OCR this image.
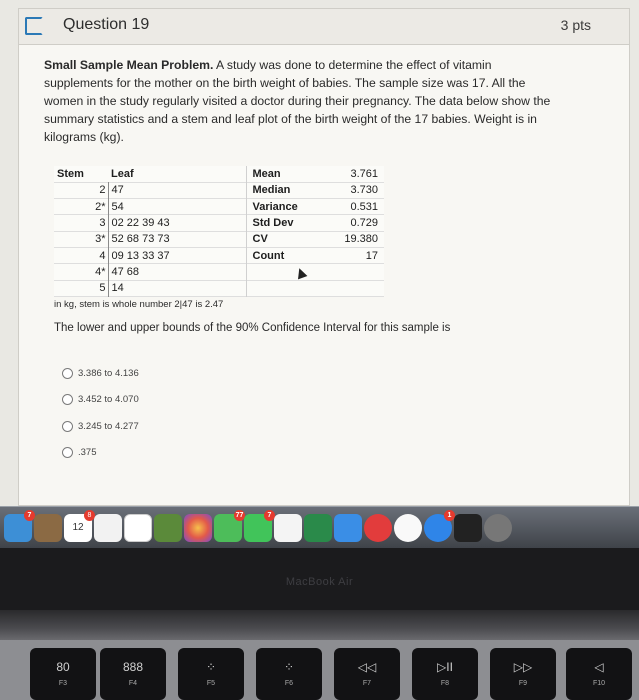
Question 19	3 pts
Small Sample Mean Problem. A study was done to determine the effect of vitamin supplements for the mother on the birth weight of babies. The sample size was 17. All the women in the study regularly visited a doctor during their pregnancy. The data below show the summary statistics and a stem and leaf plot of the birth weight of the 17 babies. Weight is in kilograms (kg).
Stem	Leaf	Mean	3.761
2	47	Median	3.730
2*	54	Variance	0.531
3	02 22 39 43	Std Dev	0.729
3*	52 68 73 73	CV	19.380
4	09 13 33 37	Count	17
4*	47 68		
5	14		
in kg, stem is whole number 2|47 is 2.47
The lower and upper bounds of the 90% Confidence Interval for this sample is
3.386 to 4.136
3.452 to 4.070
3.245 to 4.277
.375
7
12
8	77	7	1
MacBook Air
80
F3
888
F4
⁘
F5
⁘
F6
◁◁
F7
▷II
F8
▷▷
F9
◁
F10
